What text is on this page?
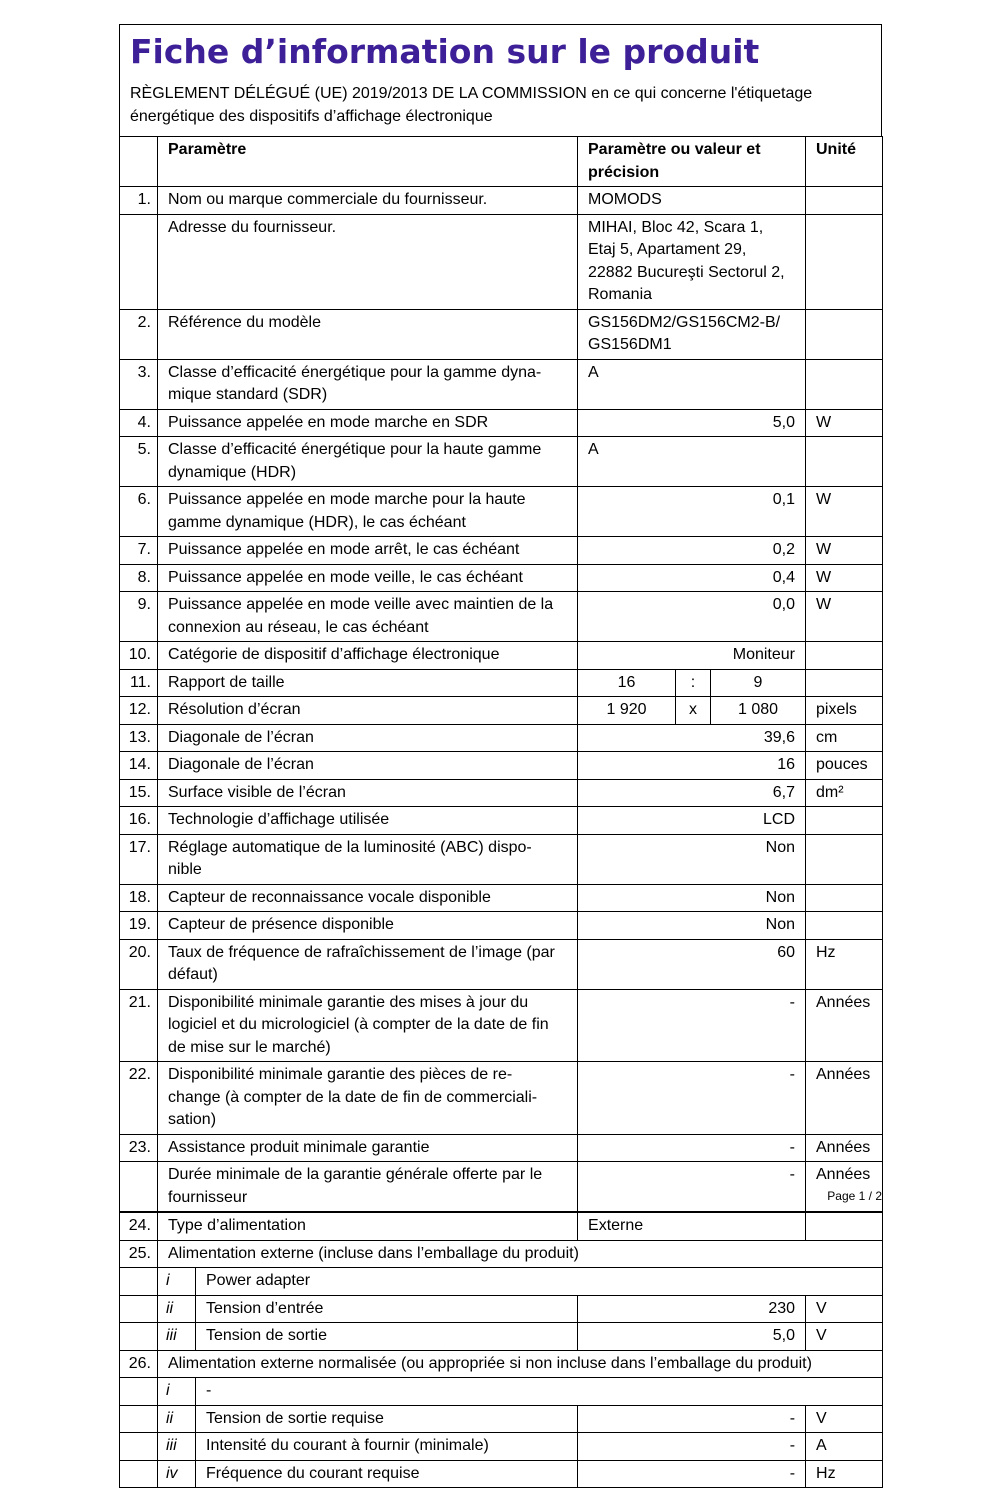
Fiche d’information sur le produit
RÈGLEMENT DÉLÉGUÉ (UE) 2019/2013 DE LA COMMISSION en ce qui concerne l'étiquetage énergétique des dispositifs d’affichage électronique
	Paramètre	Paramètre ou valeur et précision			Unité
1.	Nom ou marque commerciale du fournisseur.	MOMODS			
	Adresse du fournisseur.	MIHAI, Bloc 42, Scara 1, Etaj 5, Apartament 29, 22882 Bucureşti Sectorul 2, Romania			
2.	Référence du modèle	GS156DM2/GS156CM2-B/ GS156DM1			
3.	Classe d’efficacité énergétique pour la gamme dyna- mique standard (SDR)	A			
4.	Puissance appelée en mode marche en SDR	5,0			W
5.	Classe d’efficacité énergétique pour la haute gamme dynamique (HDR)	A			
6.	Puissance appelée en mode marche pour la haute gamme dynamique (HDR), le cas échéant	0,1			W
7.	Puissance appelée en mode arrêt, le cas échéant	0,2			W
8.	Puissance appelée en mode veille, le cas échéant	0,4			W
9.	Puissance appelée en mode veille avec maintien de la connexion au réseau, le cas échéant	0,0			W
10.	Catégorie de dispositif d’affichage électronique	Moniteur			
11.	Rapport de taille	16	:	9	
12.	Résolution d’écran	1 920	x	1 080	pixels
13.	Diagonale de l’écran	39,6			cm
14.	Diagonale de l’écran	16			pouces
15.	Surface visible de l’écran	6,7			dm²
16.	Technologie d’affichage utilisée	LCD			
17.	Réglage automatique de la luminosité (ABC) dispo- nible	Non			
18.	Capteur de reconnaissance vocale disponible	Non			
19.	Capteur de présence disponible	Non			
20.	Taux de fréquence de rafraîchissement de l’image (par défaut)	60			Hz
21.	Disponibilité minimale garantie des mises à jour du logiciel et du micrologiciel (à compter de la date de fin de mise sur le marché)	-			Années
22.	Disponibilité minimale garantie des pièces de re- change (à compter de la date de fin de commerciali- sation)	-			Années
23.	Assistance produit minimale garantie	-			Années
	Durée minimale de la garantie générale offerte par le fournisseur	-			Années
Page 1 / 2
24.	Type d’alimentation		Externe	
25.	Alimentation externe (incluse dans l’emballage du produit)			
	i	Power adapter		
	ii	Tension d’entrée	230	V
	iii	Tension de sortie	5,0	V
26.	Alimentation externe normalisée (ou appropriée si non incluse dans l’emballage du produit)			
	i	-		
	ii	Tension de sortie requise	-	V
	iii	Intensité du courant à fournir (minimale)	-	A
	iv	Fréquence du courant requise	-	Hz
